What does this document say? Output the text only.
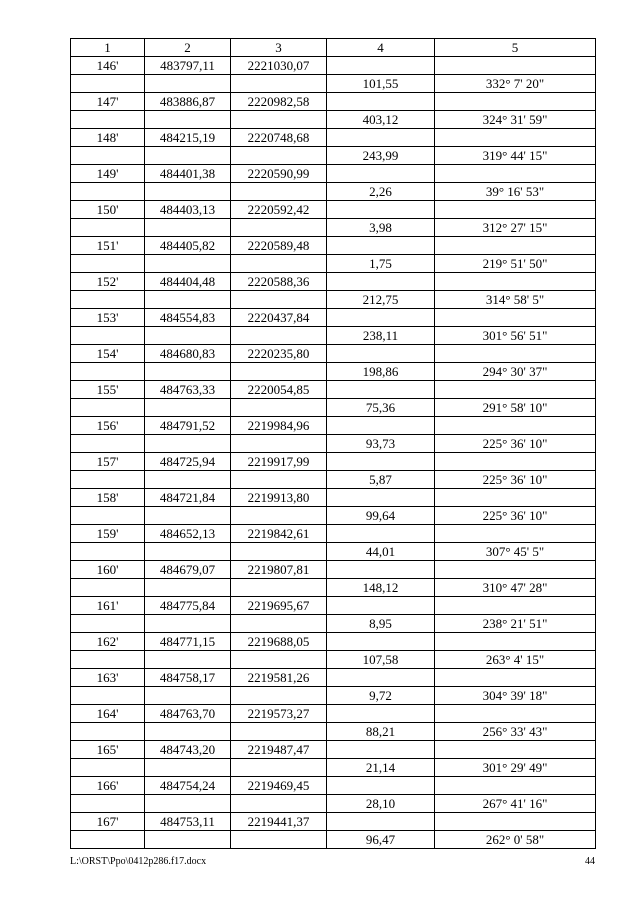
1	2	3	4	5
146'	483797,11	2221030,07		
			101,55	332° 7' 20"
147'	483886,87	2220982,58		
			403,12	324° 31' 59"
148'	484215,19	2220748,68		
			243,99	319° 44' 15"
149'	484401,38	2220590,99		
			2,26	39° 16' 53"
150'	484403,13	2220592,42		
			3,98	312° 27' 15"
151'	484405,82	2220589,48		
			1,75	219° 51' 50"
152'	484404,48	2220588,36		
			212,75	314° 58' 5"
153'	484554,83	2220437,84		
			238,11	301° 56' 51"
154'	484680,83	2220235,80		
			198,86	294° 30' 37"
155'	484763,33	2220054,85		
			75,36	291° 58' 10"
156'	484791,52	2219984,96		
			93,73	225° 36' 10"
157'	484725,94	2219917,99		
			5,87	225° 36' 10"
158'	484721,84	2219913,80		
			99,64	225° 36' 10"
159'	484652,13	2219842,61		
			44,01	307° 45' 5"
160'	484679,07	2219807,81		
			148,12	310° 47' 28"
161'	484775,84	2219695,67		
			8,95	238° 21' 51"
162'	484771,15	2219688,05		
			107,58	263° 4' 15"
163'	484758,17	2219581,26		
			9,72	304° 39' 18"
164'	484763,70	2219573,27		
			88,21	256° 33' 43"
165'	484743,20	2219487,47		
			21,14	301° 29' 49"
166'	484754,24	2219469,45		
			28,10	267° 41' 16"
167'	484753,11	2219441,37		
			96,47	262° 0' 58"
L:\ORST\Ppo\0412p286.f17.docx	44
